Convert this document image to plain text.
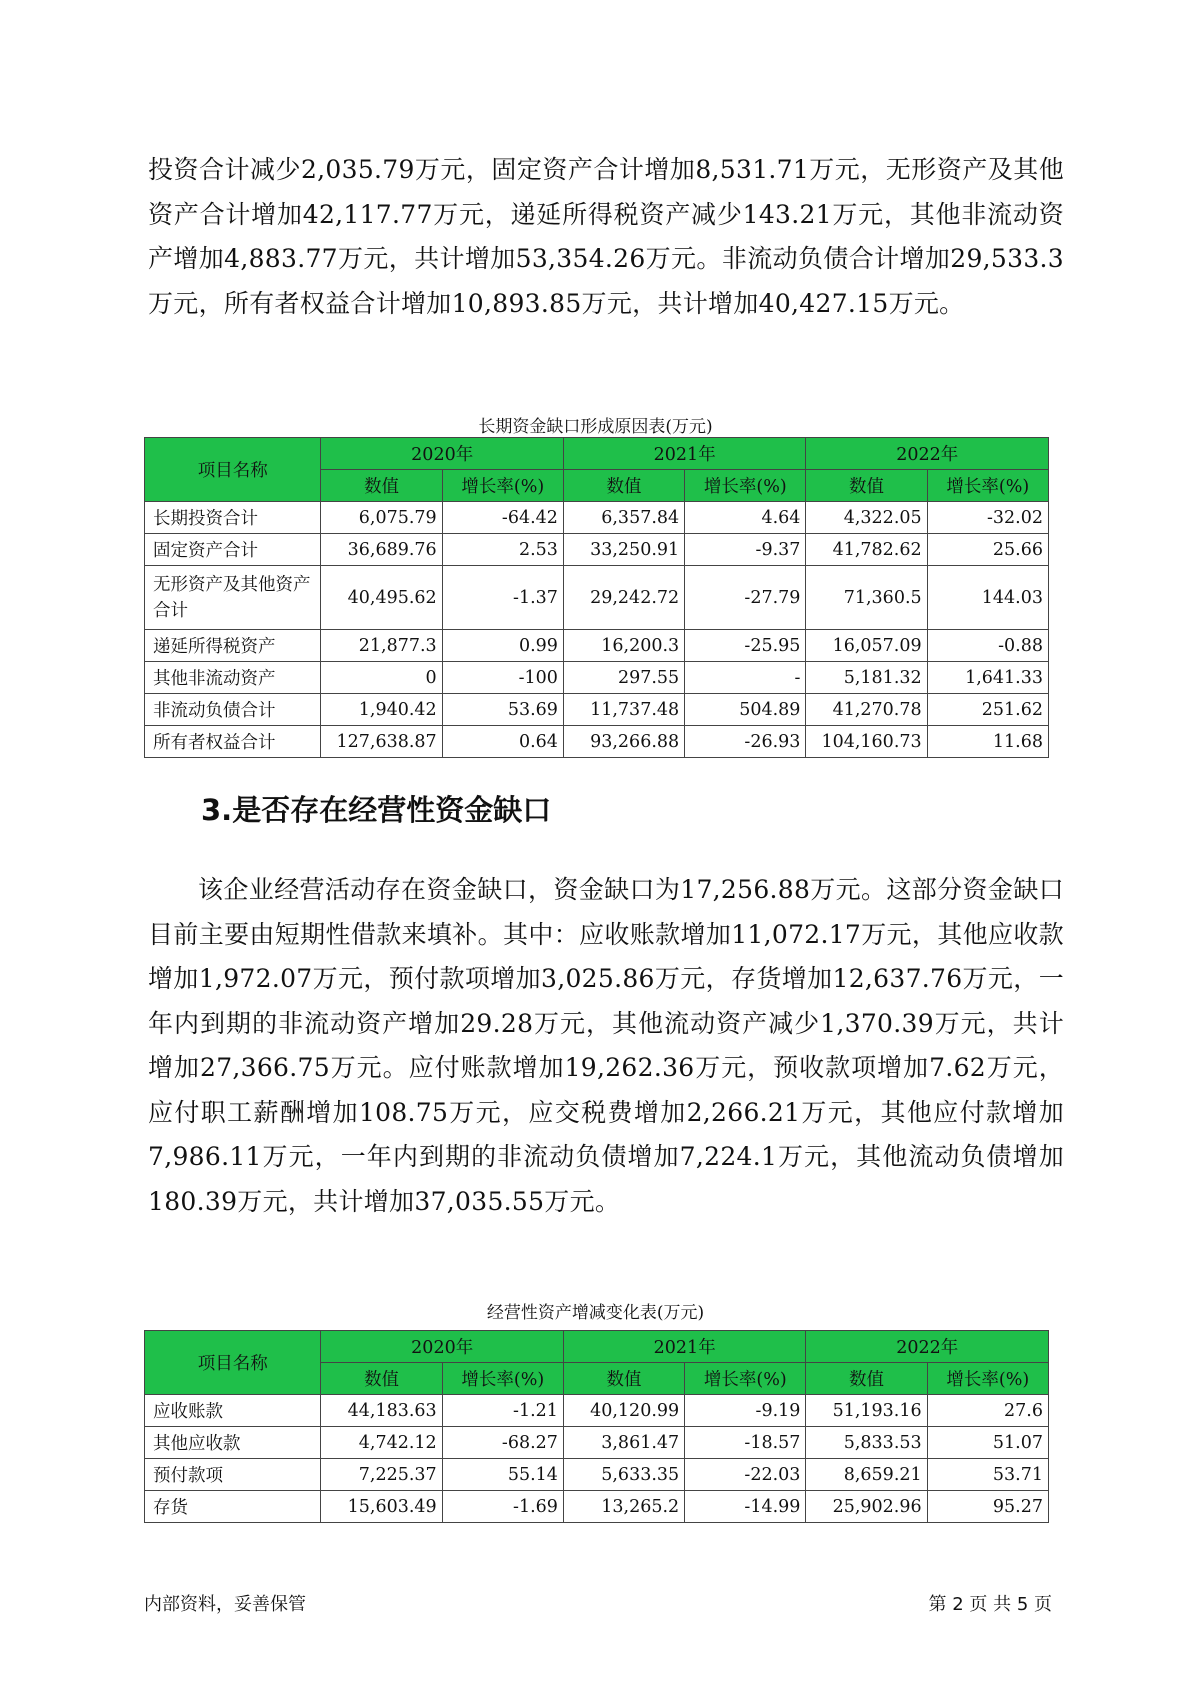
投资合计减少2,035.79万元，固定资产合计增加8,531.71万元，无形资产及其他资产合计增加42,117.77万元，递延所得税资产减少143.21万元，其他非流动资产增加4,883.77万元，共计增加53,354.26万元。非流动负债合计增加29,533.3万元，所有者权益合计增加10,893.85万元，共计增加40,427.15万元。

长期资金缺口形成原因表(万元)

项目名称	2020年		2021年		2022年	
	数值	增长率(%)	数值	增长率(%)	数值	增长率(%)
长期投资合计	6,075.79	-64.42	6,357.84	4.64	4,322.05	-32.02
固定资产合计	36,689.76	2.53	33,250.91	-9.37	41,782.62	25.66
无形资产及其他资产合计	40,495.62	-1.37	29,242.72	-27.79	71,360.5	144.03
递延所得税资产	21,877.3	0.99	16,200.3	-25.95	16,057.09	-0.88
其他非流动资产	0	-100	297.55	-	5,181.32	1,641.33
非流动负债合计	1,940.42	53.69	11,737.48	504.89	41,270.78	251.62
所有者权益合计	127,638.87	0.64	93,266.88	-26.93	104,160.73	11.68
3.是否存在经营性资金缺口

该企业经营活动存在资金缺口，资金缺口为17,256.88万元。这部分资金缺口目前主要由短期性借款来填补。其中：应收账款增加11,072.17万元，其他应收款增加1,972.07万元，预付款项增加3,025.86万元，存货增加12,637.76万元，一年内到期的非流动资产增加29.28万元，其他流动资产减少1,370.39万元，共计增加27,366.75万元。应付账款增加19,262.36万元，预收款项增加7.62万元，应付职工薪酬增加108.75万元，应交税费增加2,266.21万元，其他应付款增加7,986.11万元，一年内到期的非流动负债增加7,224.1万元，其他流动负债增加180.39万元，共计增加37,035.55万元。

经营性资产增减变化表(万元)

项目名称	2020年		2021年		2022年	
	数值	增长率(%)	数值	增长率(%)	数值	增长率(%)
应收账款	44,183.63	-1.21	40,120.99	-9.19	51,193.16	27.6
其他应收款	4,742.12	-68.27	3,861.47	-18.57	5,833.53	51.07
预付款项	7,225.37	55.14	5,633.35	-22.03	8,659.21	53.71
存货	15,603.49	-1.69	13,265.2	-14.99	25,902.96	95.27

内部资料，妥善保管	第 2 页 共 5 页
